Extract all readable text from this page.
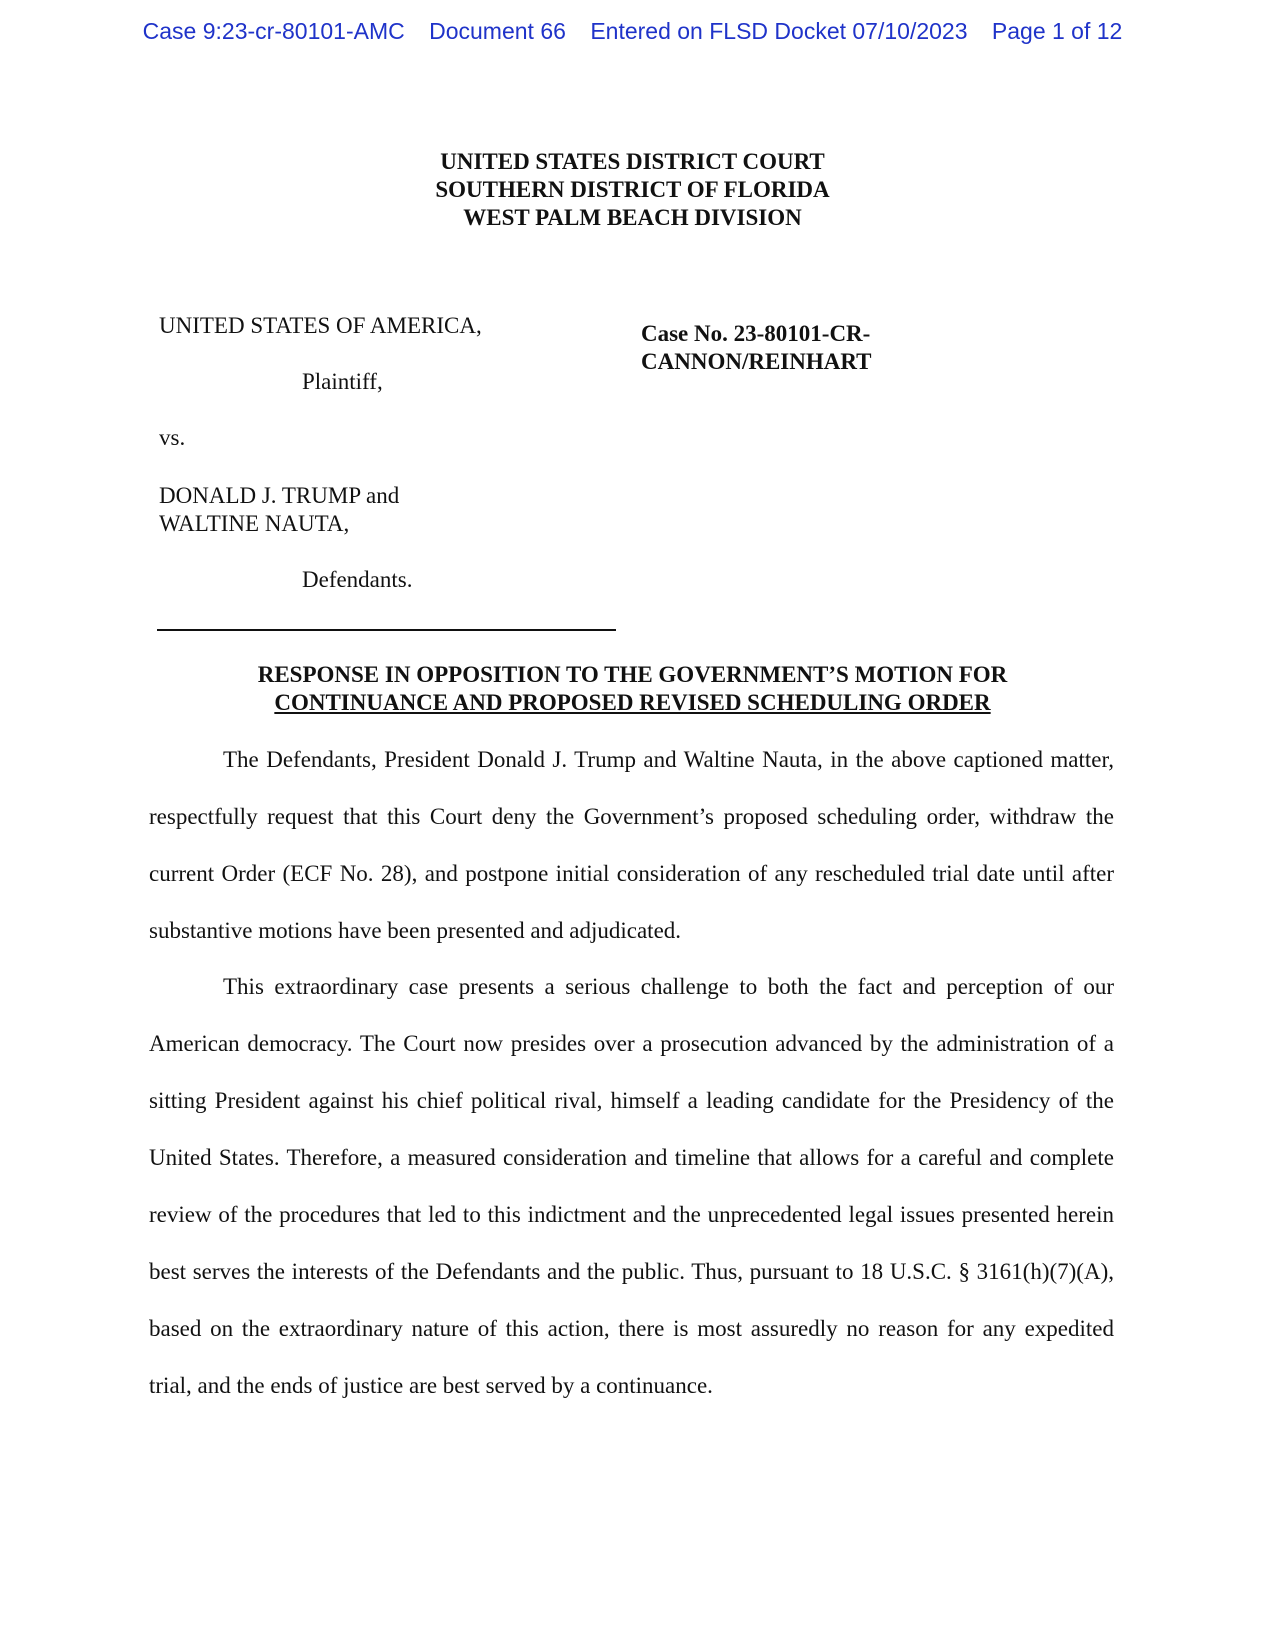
Case 9:23-cr-80101-AMC Document 66 Entered on FLSD Docket 07/10/2023 Page 1 of 12
UNITED STATES DISTRICT COURT
SOUTHERN DISTRICT OF FLORIDA
WEST PALM BEACH DIVISION
UNITED STATES OF AMERICA,
Plaintiff,
vs.
DONALD J. TRUMP and
WALTINE NAUTA,
Defendants.
Case No. 23-80101-CR-
CANNON/REINHART
RESPONSE IN OPPOSITION TO THE GOVERNMENT’S MOTION FOR
CONTINUANCE AND PROPOSED REVISED SCHEDULING ORDER

The Defendants, President Donald J. Trump and Waltine Nauta, in the above captioned matter, respectfully request that this Court deny the Government’s proposed scheduling order, withdraw the current Order (ECF No. 28), and postpone initial consideration of any rescheduled trial date until after substantive motions have been presented and adjudicated.

This extraordinary case presents a serious challenge to both the fact and perception of our American democracy. The Court now presides over a prosecution advanced by the administration of a sitting President against his chief political rival, himself a leading candidate for the Presidency of the United States. Therefore, a measured consideration and timeline that allows for a careful and complete review of the procedures that led to this indictment and the unprecedented legal issues presented herein best serves the interests of the Defendants and the public. Thus, pursuant to 18 U.S.C. § 3161(h)(7)(A), based on the extraordinary nature of this action, there is most assuredly no reason for any expedited trial, and the ends of justice are best served by a continuance.
